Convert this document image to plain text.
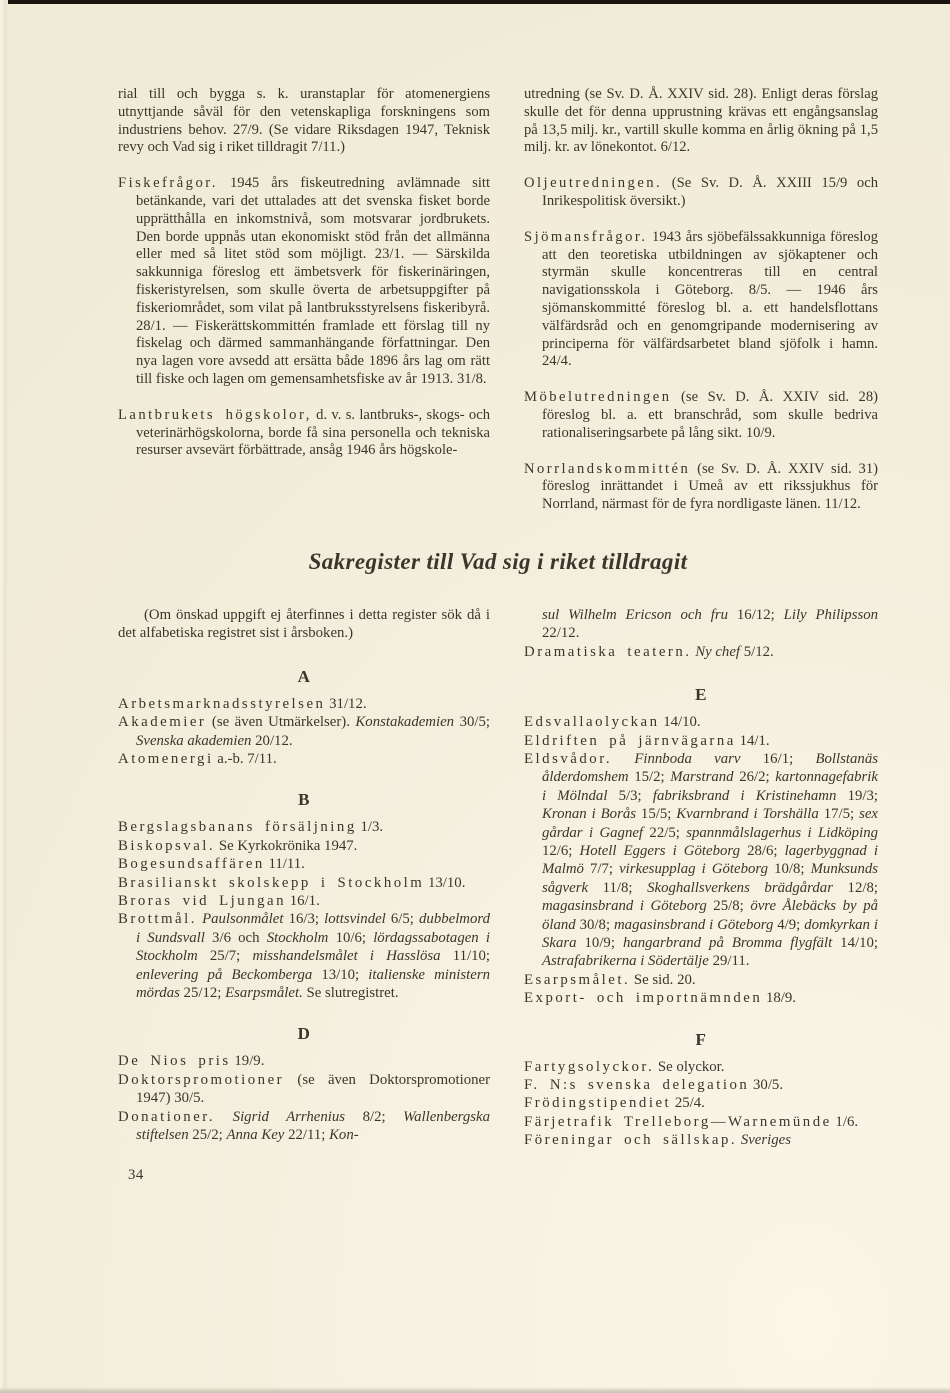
rial till och bygga s. k. uranstaplar för atomenergiens utnyttjande såväl för den vetenskapliga forskningens som industriens behov. 27/9. (Se vidare Riksdagen 1947, Teknisk revy och Vad sig i riket tilldragit 7/11.)

Fiskefrågor. 1945 års fiskeutredning avlämnade sitt betänkande, vari det uttalades att det svenska fisket borde upprätthålla en inkomstnivå, som motsvarar jordbrukets. Den borde uppnås utan ekonomiskt stöd från det allmänna eller med så litet stöd som möjligt. 23/1. — Särskilda sakkunniga föreslog ett ämbetsverk för fiskerinäringen, fiskeristyrelsen, som skulle överta de arbetsuppgifter på fiskeriområdet, som vilat på lantbruksstyrelsens fiskeribyrå. 28/1. — Fiskerättskommittén framlade ett förslag till ny fiskelag och därmed sammanhängande författningar. Den nya lagen vore avsedd att ersätta både 1896 års lag om rätt till fiske och lagen om gemensamhetsfiske av år 1913. 31/8.

Lantbrukets högskolor, d. v. s. lantbruks-, skogs- och veterinärhögskolorna, borde få sina personella och tekniska resurser avsevärt förbättrade, ansåg 1946 års högskole-

utredning (se Sv. D. Å. XXIV sid. 28). Enligt deras förslag skulle det för denna upprustning krävas ett engångsanslag på 13,5 milj. kr., vartill skulle komma en årlig ökning på 1,5 milj. kr. av lönekontot. 6/12.

Oljeutredningen. (Se Sv. D. Å. XXIII 15/9 och Inrikespolitisk översikt.)

Sjömansfrågor. 1943 års sjöbefälssakkunniga föreslog att den teoretiska utbildningen av sjökaptener och styrmän skulle koncentreras till en central navigationsskola i Göteborg. 8/5. — 1946 års sjömanskommitté föreslog bl. a. ett handelsflottans välfärdsråd och en genomgripande modernisering av principerna för välfärdsarbetet bland sjöfolk i hamn. 24/4.

Möbelutredningen (se Sv. D. Å. XXIV sid. 28) föreslog bl. a. ett branschråd, som skulle bedriva rationaliseringsarbete på lång sikt. 10/9.

Norrlandskommittén (se Sv. D. Å. XXIV sid. 31) föreslog inrättandet i Umeå av ett rikssjukhus för Norrland, närmast för de fyra nordligaste länen. 11/12.

Sakregister till Vad sig i riket tilldragit

(Om önskad uppgift ej återfinnes i detta register sök då i det alfabetiska registret sist i årsboken.)

A

Arbetsmarknadsstyrelsen 31/12.

Akademier (se även Utmärkelser). Konstakademien 30/5; Svenska akademien 20/12.

Atomenergi a.-b. 7/11.

B

Bergslagsbanans försäljning 1/3.

Biskopsval. Se Kyrkokrönika 1947.

Bogesundsaffären 11/11.

Brasilianskt skolskepp i Stockholm 13/10.

Broras vid Ljungan 16/1.

Brottmål. Paulsonmålet 16/3; lottsvindel 6/5; dubbelmord i Sundsvall 3/6 och Stockholm 10/6; lördagssabotagen i Stockholm 25/7; misshandelsmålet i Hasslösa 11/10; enlevering på Beckomberga 13/10; italienske ministern mördas 25/12; Esarpsmålet. Se slutregistret.

D

De Nios pris 19/9.

Doktorspromotioner (se även Doktorspromotioner 1947) 30/5.

Donationer. Sigrid Arrhenius 8/2; Wallenbergska stiftelsen 25/2; Anna Key 22/11; Kon-

34

sul Wilhelm Ericson och fru 16/12; Lily Philipsson 22/12.

Dramatiska teatern. Ny chef 5/12.

E

Edsvallaolyckan 14/10.

Eldriften på järnvägarna 14/1.

Eldsvådor. Finnboda varv 16/1; Bollstanäs ålderdomshem 15/2; Marstrand 26/2; kartonnagefabrik i Mölndal 5/3; fabriksbrand i Kristinehamn 19/3; Kronan i Borås 15/5; Kvarnbrand i Torshälla 17/5; sex gårdar i Gagnef 22/5; spannmålslagerhus i Lidköping 12/6; Hotell Eggers i Göteborg 28/6; lagerbyggnad i Malmö 7/7; virkesupplag i Göteborg 10/8; Munksunds sågverk 11/8; Skoghallsverkens brädgårdar 12/8; magasinsbrand i Göteborg 25/8; övre Ålebäcks by på öland 30/8; magasinsbrand i Göteborg 4/9; domkyrkan i Skara 10/9; hangarbrand på Bromma flygfält 14/10; Astrafabrikerna i Södertälje 29/11.

Esarpsmålet. Se sid. 20.

Export- och importnämnden 18/9.

F

Fartygsolyckor. Se olyckor.

F. N:s svenska delegation 30/5.

Frödingstipendiet 25/4.

Färjetrafik Trelleborg—Warnemünde 1/6.

Föreningar och sällskap. Sveriges
